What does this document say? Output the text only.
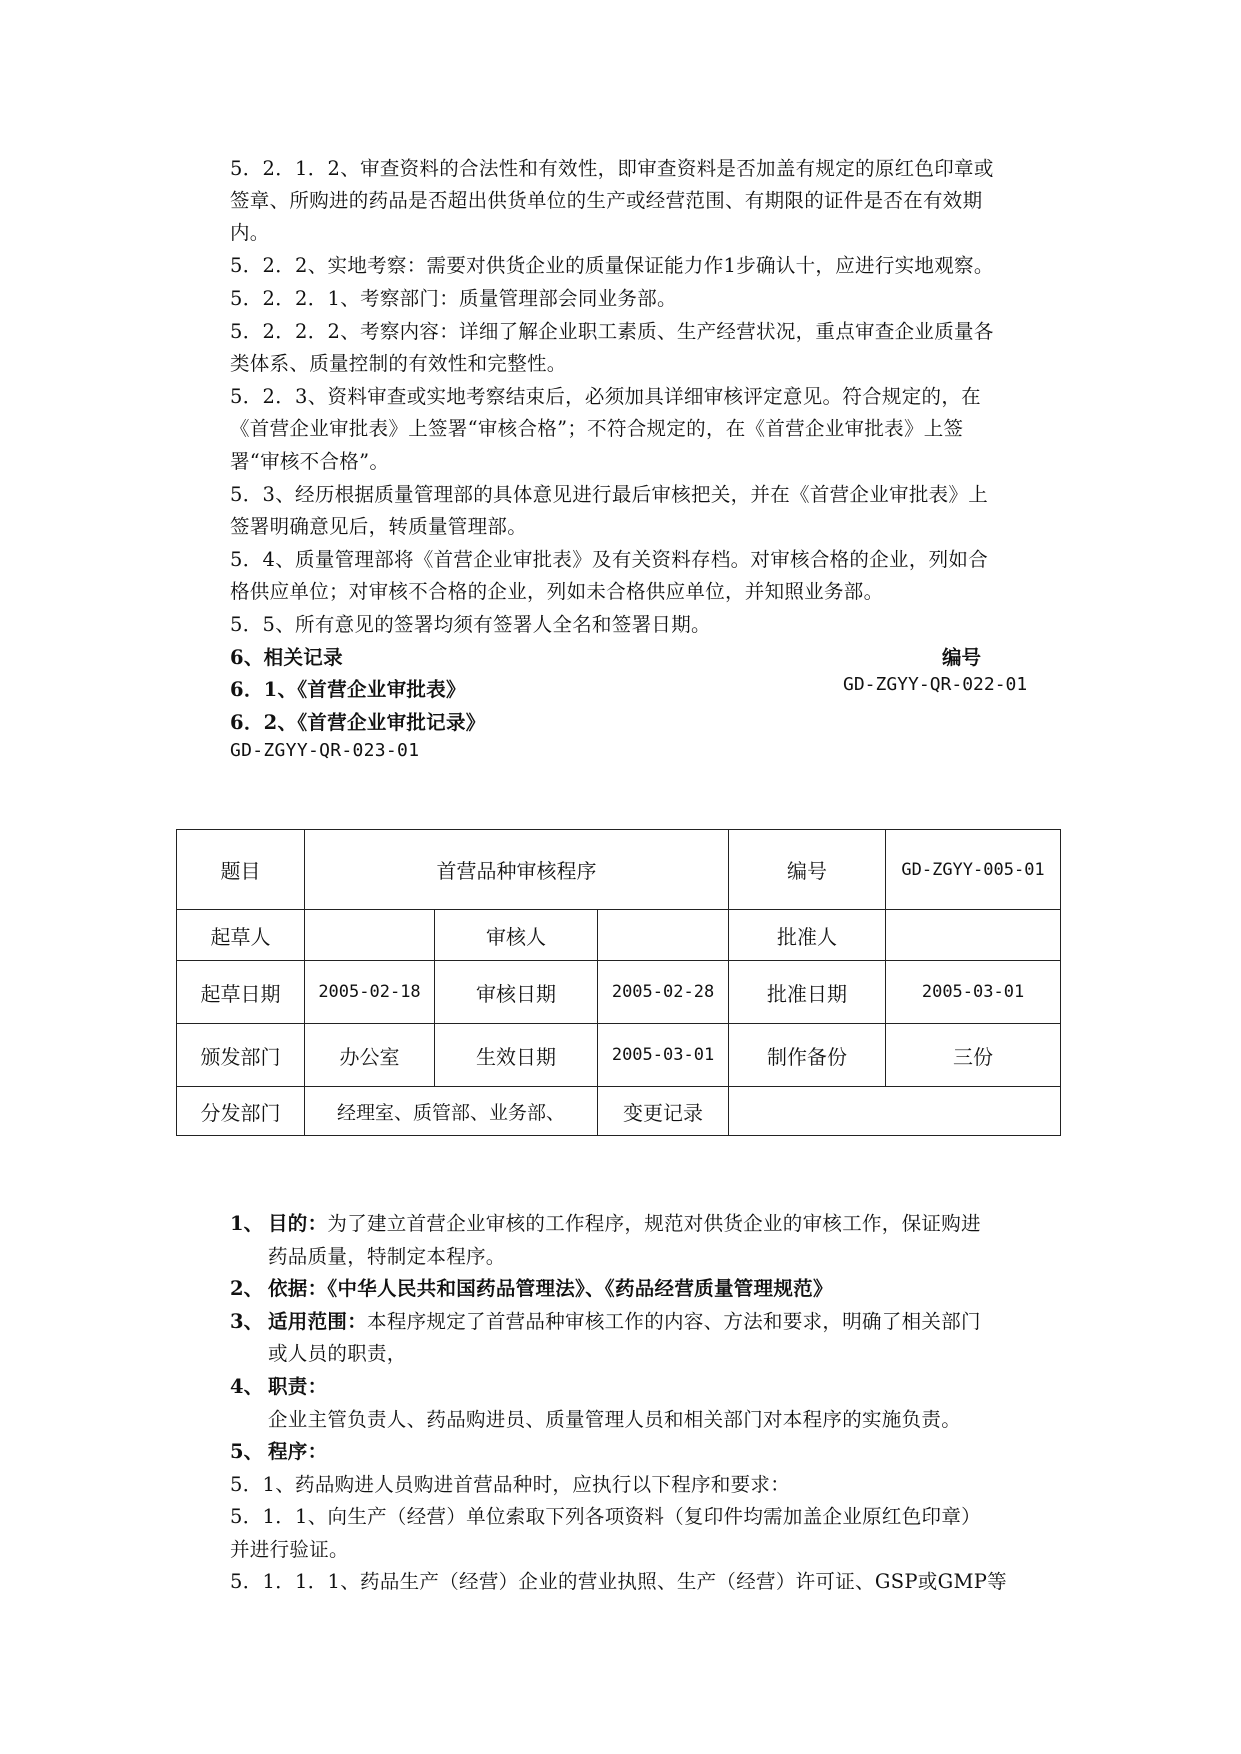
5．2．1．2、审查资料的合法性和有效性，即审查资料是否加盖有规定的原红色印章或
签章、所购进的药品是否超出供货单位的生产或经营范围、有期限的证件是否在有效期
内。
5．2．2、实地考察：需要对供货企业的质量保证能力作1步确认十，应进行实地观察。
5．2．2．1、考察部门：质量管理部会同业务部。
5．2．2．2、考察内容：详细了解企业职工素质、生产经营状况，重点审查企业质量各
类体系、质量控制的有效性和完整性。
5．2．3、资料审查或实地考察结束后，必须加具详细审核评定意见。符合规定的，在
《首营企业审批表》上签署“审核合格”；不符合规定的，在《首营企业审批表》上签
署“审核不合格”。
5．3、经历根据质量管理部的具体意见进行最后审核把关，并在《首营企业审批表》上
签署明确意见后，转质量管理部。
5．4、质量管理部将《首营企业审批表》及有关资料存档。对审核合格的企业，列如合
格供应单位；对审核不合格的企业，列如未合格供应单位，并知照业务部。
5．5、所有意见的签署均须有签署人全名和签署日期。
6、相关记录	编号
6．1、《首营企业审批表》	GD-ZGYY-QR-022-01
6．2、《首营企业审批记录》
GD-ZGYY-QR-023-01
题目	首营品种审核程序			编号	GD-ZGYY-005-01
起草人		审核人		批准人	
起草日期	2005-02-18	审核日期	2005-02-28	批准日期	2005-03-01
颁发部门	办公室	生效日期	2005-03-01	制作备份	三份
分发部门	经理室、质管部、业务部、		变更记录		
1、 目的：为了建立首营企业审核的工作程序，规范对供货企业的审核工作，保证购进
药品质量，特制定本程序。
2、 依据：《中华人民共和国药品管理法》、《药品经营质量管理规范》
3、 适用范围：本程序规定了首营品种审核工作的内容、方法和要求，明确了相关部门
或人员的职责，
4、 职责：
企业主管负责人、药品购进员、质量管理人员和相关部门对本程序的实施负责。
5、 程序：
5．1、药品购进人员购进首营品种时，应执行以下程序和要求：
5．1．1、向生产（经营）单位索取下列各项资料（复印件均需加盖企业原红色印章）
并进行验证。
5．1．1．1、药品生产（经营）企业的营业执照、生产（经营）许可证、GSP或GMP等
